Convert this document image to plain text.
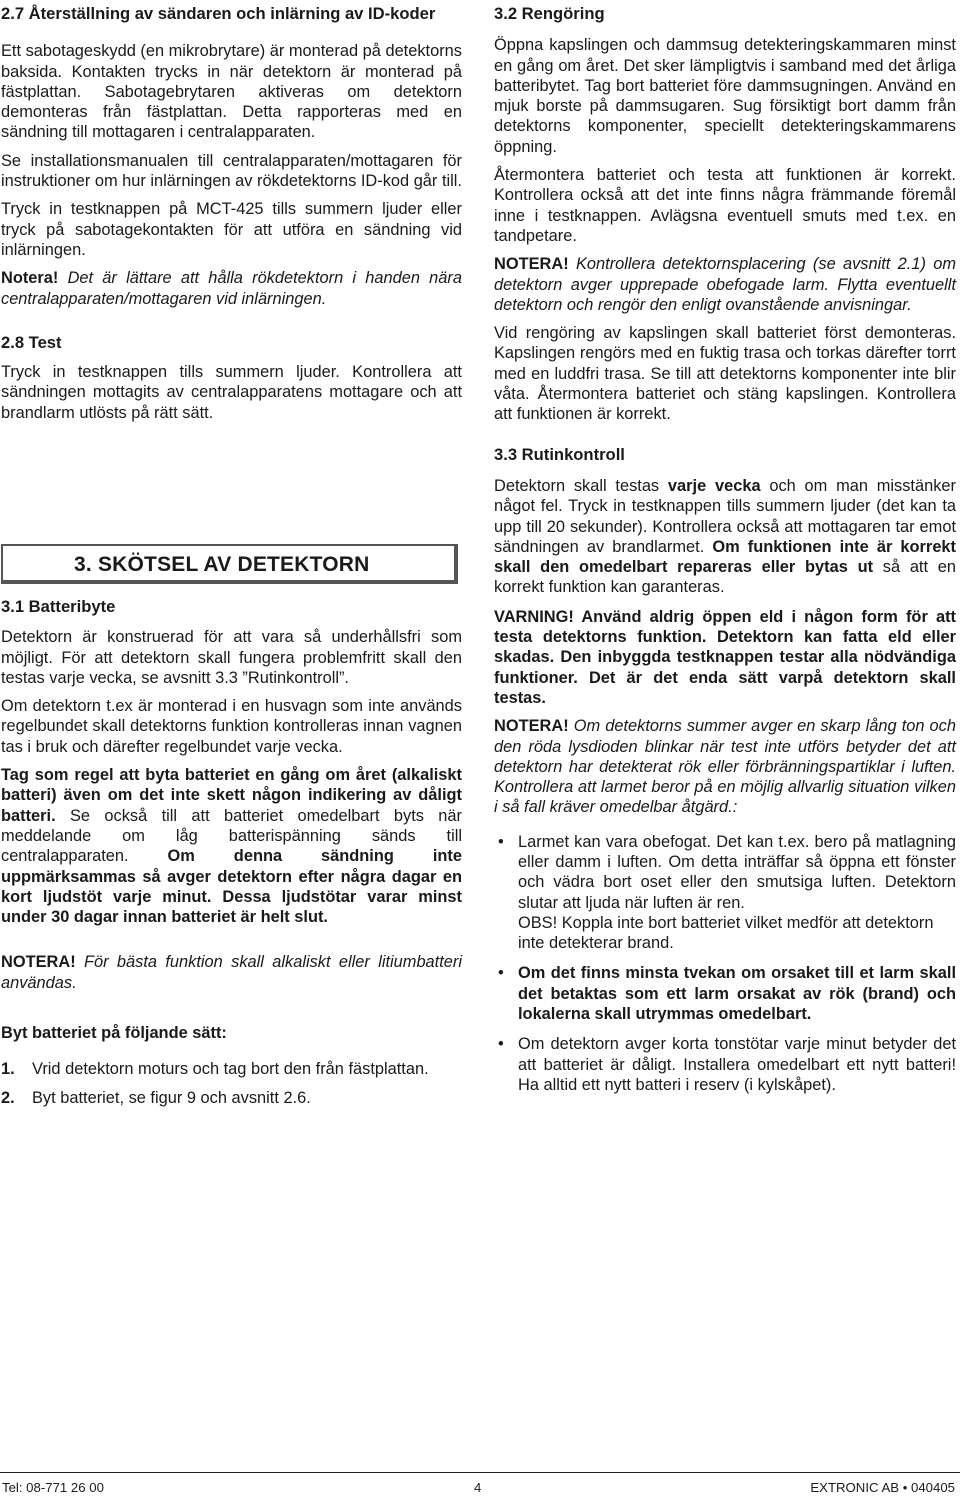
2.7 Återställning av sändaren och inlärning av ID-koder

Ett sabotageskydd (en mikrobrytare) är monterad på detektorns baksida. Kontakten trycks in när detektorn är monterad på fästplattan. Sabotagebrytaren aktiveras om detektorn demonteras från fästplattan. Detta rapporteras med en sändning till mottagaren i centralapparaten.

Se installationsmanualen till centralapparaten/mottagaren för instruktioner om hur inlärningen av rökdetektorns ID-kod går till.

Tryck in testknappen på MCT-425 tills summern ljuder eller tryck på sabotagekontakten för att utföra en sändning vid inlärningen.

Notera! Det är lättare att hålla rökdetektorn i handen nära centralapparaten/mottagaren vid inlärningen.

2.8 Test

Tryck in testknappen tills summern ljuder. Kontrollera att sändningen mottagits av centralapparatens mottagare och att brandlarm utlösts på rätt sätt.

3. SKÖTSEL AV DETEKTORN

3.1 Batteribyte

Detektorn är konstruerad för att vara så underhållsfri som möjligt. För att detektorn skall fungera problemfritt skall den testas varje vecka, se avsnitt 3.3 ”Rutinkontroll”.

Om detektorn t.ex är monterad i en husvagn som inte används regelbundet skall detektorns funktion kontrolleras innan vagnen tas i bruk och därefter regelbundet varje vecka.

Tag som regel att byta batteriet en gång om året (alkaliskt batteri) även om det inte skett någon indikering av dåligt batteri. Se också till att batteriet omedelbart byts när meddelande om låg batterispänning sänds till centralapparaten. Om denna sändning inte uppmärksammas så avger detektorn efter några dagar en kort ljudstöt varje minut. Dessa ljudstötar varar minst under 30 dagar innan batteriet är helt slut.

NOTERA! För bästa funktion skall alkaliskt eller litiumbatteri användas.

Byt batteriet på följande sätt:

1. Vrid detektorn moturs och tag bort den från fästplattan.

2. Byt batteriet, se figur 9 och avsnitt 2.6.

3.2 Rengöring

Öppna kapslingen och dammsug detekteringskammaren minst en gång om året. Det sker lämpligtvis i samband med det årliga batteribytet. Tag bort batteriet före dammsugningen. Använd en mjuk borste på dammsugaren. Sug försiktigt bort damm från detektorns komponenter, speciellt detekteringskammarens öppning.

Återmontera batteriet och testa att funktionen är korrekt. Kontrollera också att det inte finns några främmande föremål inne i testknappen. Avlägsna eventuell smuts med t.ex. en tandpetare.

NOTERA! Kontrollera detektornsplacering (se avsnitt 2.1) om detektorn avger upprepade obefogade larm. Flytta eventuellt detektorn och rengör den enligt ovanstående anvisningar.

Vid rengöring av kapslingen skall batteriet först demonteras. Kapslingen rengörs med en fuktig trasa och torkas därefter torrt med en luddfri trasa. Se till att detektorns komponenter inte blir våta. Återmontera batteriet och stäng kapslingen. Kontrollera att funktionen är korrekt.

3.3 Rutinkontroll

Detektorn skall testas varje vecka och om man misstänker något fel. Tryck in testknappen tills summern ljuder (det kan ta upp till 20 sekunder). Kontrollera också att mottagaren tar emot sändningen av brandlarmet. Om funktionen inte är korrekt skall den omedelbart repareras eller bytas ut så att en korrekt funktion kan garanteras.

VARNING! Använd aldrig öppen eld i någon form för att testa detektorns funktion. Detektorn kan fatta eld eller skadas. Den inbyggda testknappen testar alla nödvändiga funktioner. Det är det enda sätt varpå detektorn skall testas.

NOTERA! Om detektorns summer avger en skarp lång ton och den röda lysdioden blinkar när test inte utförs betyder det att detektorn har detekterat rök eller förbränningspartiklar i luften. Kontrollera att larmet beror på en möjlig allvarlig situation vilken i så fall kräver omedelbar åtgärd.:

• Larmet kan vara obefogat. Det kan t.ex. bero på matlagning eller damm i luften. Om detta inträffar så öppna ett fönster och vädra bort oset eller den smutsiga luften. Detektorn slutar att ljuda när luften är ren.

OBS! Koppla inte bort batteriet vilket medför att detektorn inte detekterar brand.

• Om det finns minsta tvekan om orsaket till et larm skall det betaktas som ett larm orsakat av rök (brand) och lokalerna skall utrymmas omedelbart.

• Om detektorn avger korta tonstötar varje minut betyder det att batteriet är dåligt. Installera omedelbart ett nytt batteri! Ha alltid ett nytt batteri i reserv (i kylskåpet).

Tel: 08-771 26 00	4	EXTRONIC AB • 040405
